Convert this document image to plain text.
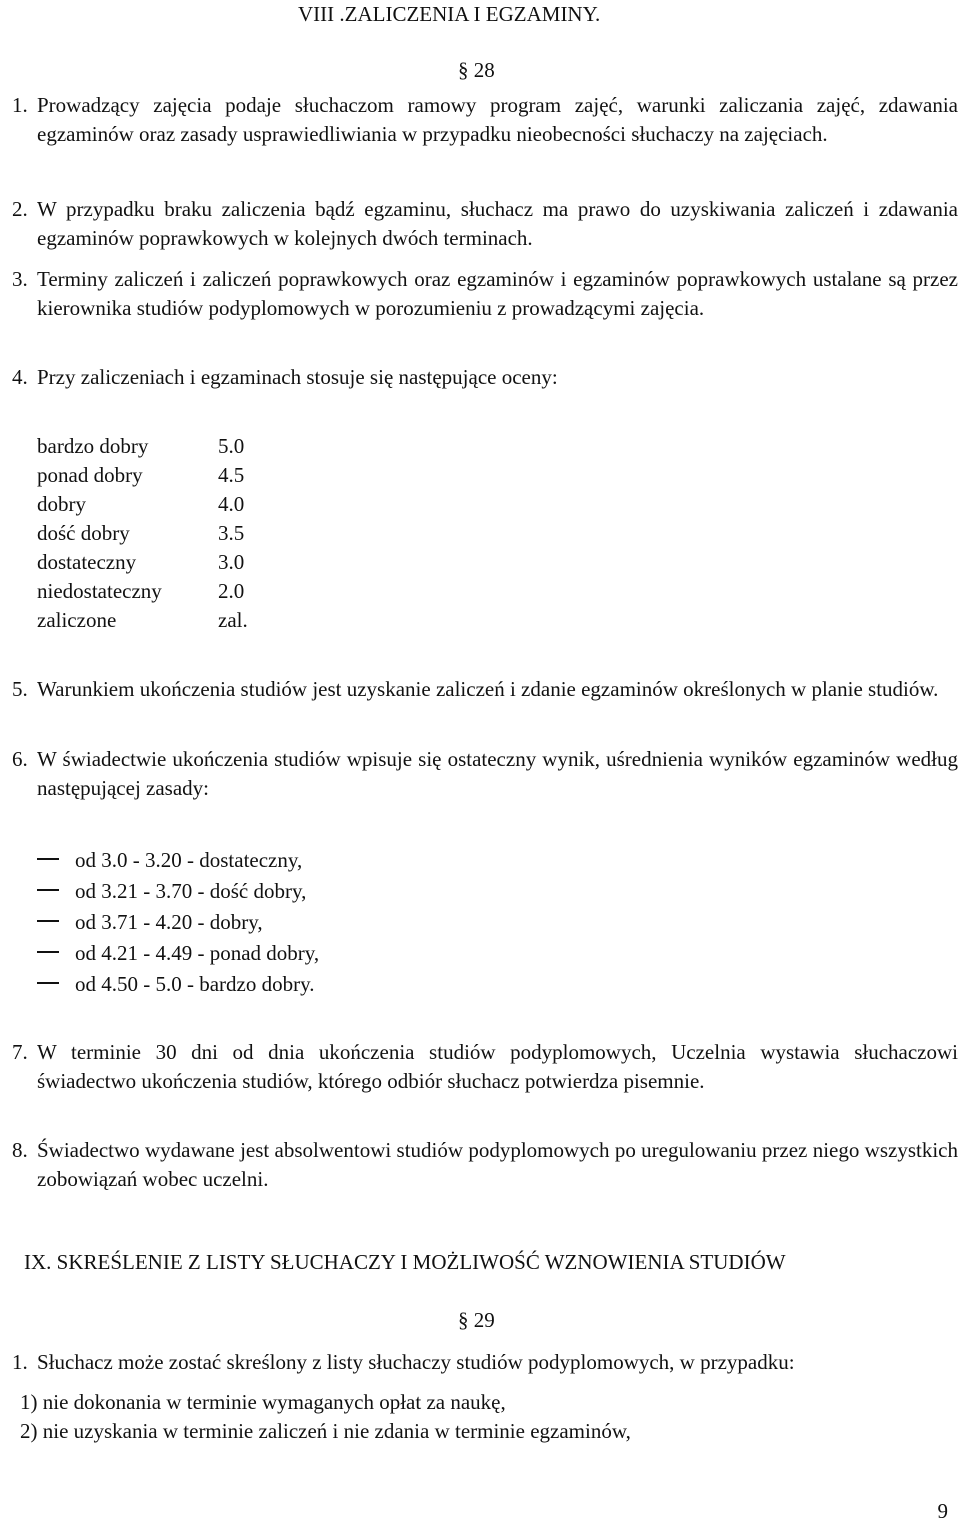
VIII .ZALICZENIA I EGZAMINY.

§ 28

1. Prowadzący zajęcia podaje słuchaczom ramowy program zajęć, warunki zaliczania zajęć, zdawania egzaminów oraz zasady usprawiedliwiania w przypadku nieobecności słuchaczy na zajęciach.
2. W przypadku braku zaliczenia bądź egzaminu, słuchacz ma prawo do uzyskiwania zaliczeń i zdawania egzaminów poprawkowych w kolejnych dwóch terminach.
3. Terminy zaliczeń i zaliczeń poprawkowych oraz egzaminów i egzaminów poprawkowych ustalane są przez kierownika studiów podyplomowych w porozumieniu z prowadzącymi zajęcia.
4. Przy zaliczeniach i egzaminach stosuje się następujące oceny:
bardzo dobry	5.0
ponad dobry	4.5
dobry	4.0
dość dobry	3.5
dostateczny	3.0
niedostateczny	2.0
zaliczone	zal.
5. Warunkiem ukończenia studiów jest uzyskanie zaliczeń i zdanie egzaminów określonych w planie studiów.
6. W świadectwie ukończenia studiów wpisuje się ostateczny wynik, uśrednienia wyników egzaminów według następującej zasady:
od 3.0 - 3.20 - dostateczny,
od 3.21 - 3.70 - dość dobry,
od 3.71 - 4.20 - dobry,
od 4.21 - 4.49 - ponad dobry,
od 4.50 - 5.0 - bardzo dobry.
7. W terminie 30 dni od dnia ukończenia studiów podyplomowych, Uczelnia wystawia słuchaczowi świadectwo ukończenia studiów, którego odbiór słuchacz potwierdza pisemnie.
8. Świadectwo wydawane jest absolwentowi studiów podyplomowych po uregulowaniu przez niego wszystkich zobowiązań wobec uczelni.

IX. SKREŚLENIE Z LISTY SŁUCHACZY I MOŻLIWOŚĆ WZNOWIENIA STUDIÓW

§ 29

1. Słuchacz może zostać skreślony z listy słuchaczy studiów podyplomowych, w przypadku:
1) nie dokonania w terminie wymaganych opłat za naukę,
2) nie uzyskania w terminie zaliczeń i nie zdania w terminie egzaminów,

9
